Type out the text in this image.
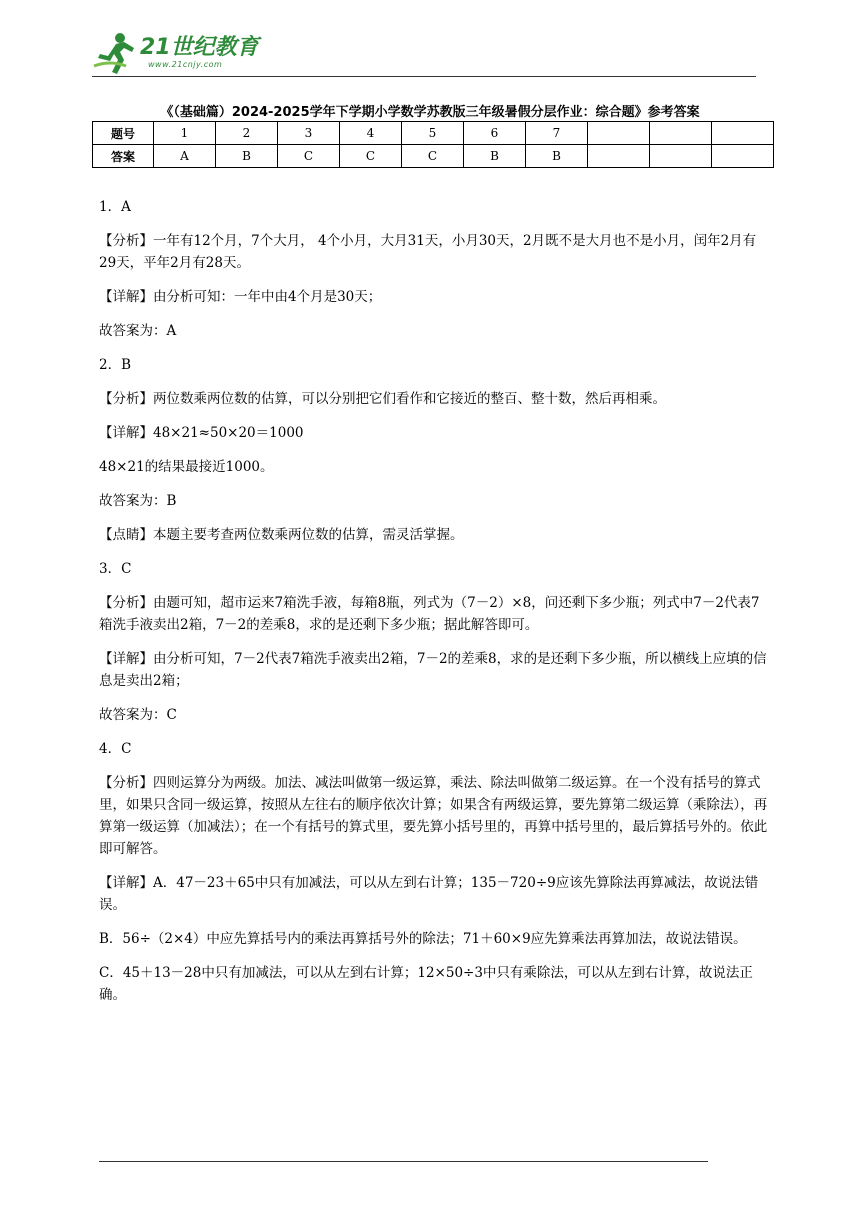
21世纪教育
www.21cnjy.com
《（基础篇）2024-2025学年下学期小学数学苏教版三年级暑假分层作业：综合题》参考答案
题号	1	2	3	4	5	6	7			
答案	A	B	C	C	C	B	B			

1．A

【分析】一年有12个月，7个大月， 4个小月，大月31天，小月30天，2月既不是大月也不是小月，闰年2月有29天，平年2月有28天。

【详解】由分析可知：一年中由4个月是30天；

故答案为：A

2．B

【分析】两位数乘两位数的估算，可以分别把它们看作和它接近的整百、整十数，然后再相乘。

【详解】48×21≈50×20＝1000

48×21的结果最接近1000。

故答案为：B

【点睛】本题主要考查两位数乘两位数的估算，需灵活掌握。

3．C

【分析】由题可知，超市运来7箱洗手液，每箱8瓶，列式为（7－2）×8，问还剩下多少瓶；列式中7－2代表7箱洗手液卖出2箱，7－2的差乘8，求的是还剩下多少瓶；据此解答即可。

【详解】由分析可知，7－2代表7箱洗手液卖出2箱，7－2的差乘8，求的是还剩下多少瓶，所以横线上应填的信息是卖出2箱；

故答案为：C

4．C

【分析】四则运算分为两级。加法、减法叫做第一级运算，乘法、除法叫做第二级运算。在一个没有括号的算式里，如果只含同一级运算，按照从左往右的顺序依次计算；如果含有两级运算，要先算第二级运算（乘除法），再算第一级运算（加减法）；在一个有括号的算式里，要先算小括号里的，再算中括号里的，最后算括号外的。依此即可解答。

【详解】A．47－23＋65中只有加减法，可以从左到右计算；135－720÷9应该先算除法再算减法，故说法错误。

B．56÷（2×4）中应先算括号内的乘法再算括号外的除法；71＋60×9应先算乘法再算加法，故说法错误。

C．45＋13－28中只有加减法，可以从左到右计算；12×50÷3中只有乘除法，可以从左到右计算，故说法正确。
